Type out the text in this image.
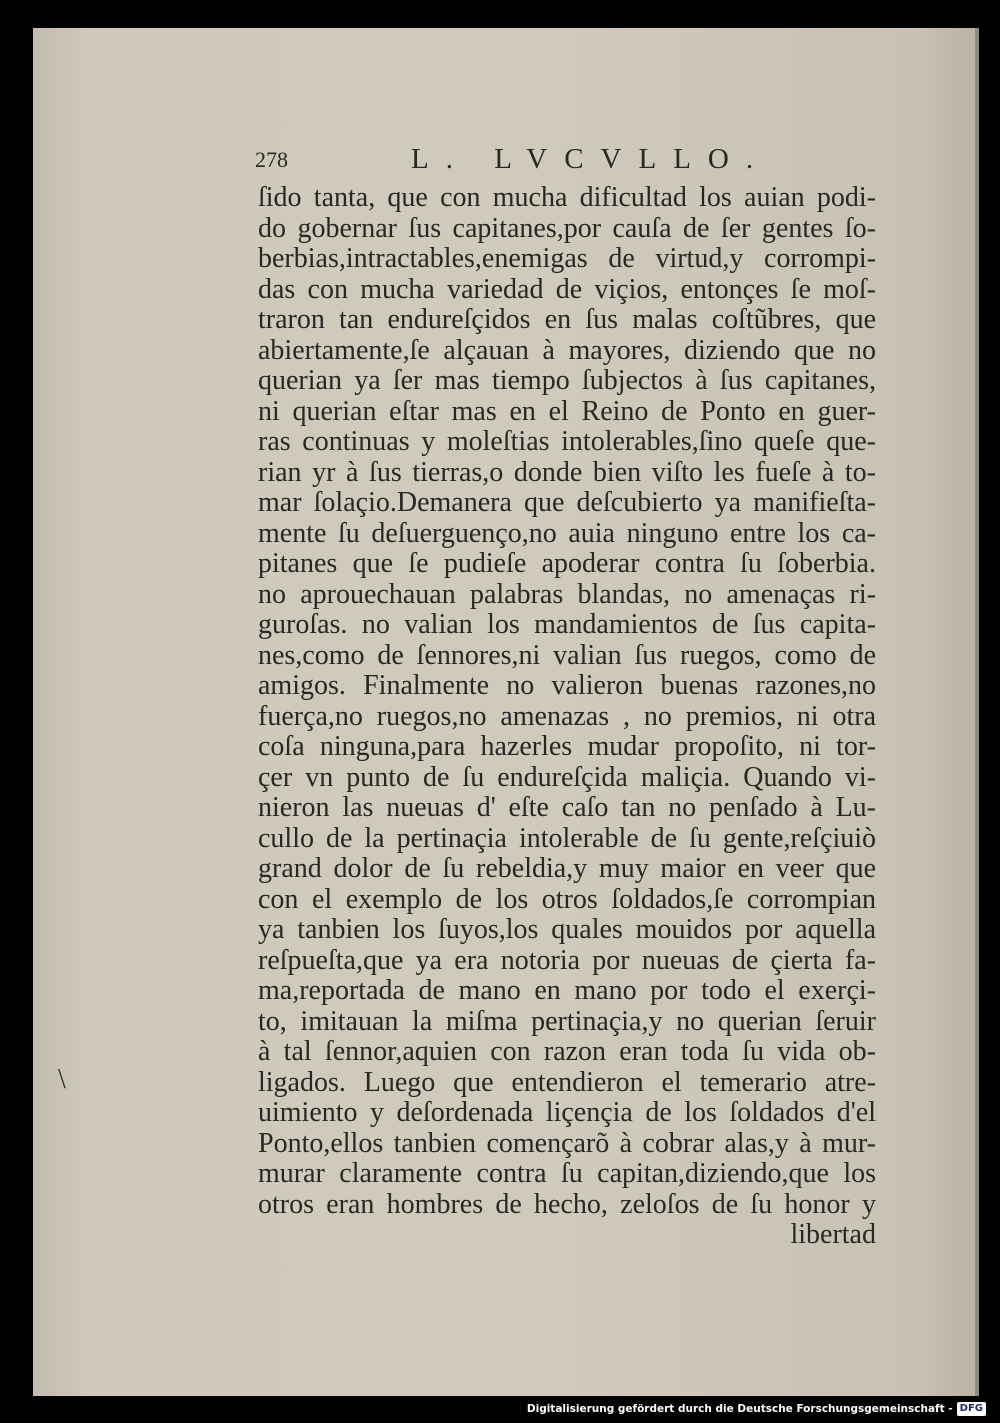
278	L. LVCVLLO.
ſido tanta, que con mucha dificultad los auian podi-
do gobernar ſus capitanes,por cauſa de ſer gentes ſo-
berbias,intractables,enemigas de virtud,y corrompi-
das con mucha variedad de viçios, entonçes ſe moſ-
traron tan endureſçidos en ſus malas coſtũbres, que
abiertamente,ſe alçauan à mayores, diziendo que no
querian ya ſer mas tiempo ſubjectos à ſus capitanes,
ni querian eſtar mas en el Reino de Ponto en guer-
ras continuas y moleſtias intolerables,ſino queſe que-
rian yr à ſus tierras,o donde bien viſto les fueſe à to-
mar ſolaçio.Demanera que deſcubierto ya manifieſta-
mente ſu deſuerguenço,no auia ninguno entre los ca-
pitanes que ſe pudieſe apoderar contra ſu ſoberbia.
no aprouechauan palabras blandas, no amenaças ri-
guroſas. no valian los mandamientos de ſus capita-
nes,como de ſennores,ni valian ſus ruegos, como de
amigos. Finalmente no valieron buenas razones,no
fuerça,no ruegos,no amenazas , no premios, ni otra
coſa ninguna,para hazerles mudar propoſito, ni tor-
çer vn punto de ſu endureſçida maliçia. Quando vi-
nieron las nueuas d' eſte caſo tan no penſado à Lu-
cullo de la pertinaçia intolerable de ſu gente,reſçiuiò
grand dolor de ſu rebeldia,y muy maior en veer que
con el exemplo de los otros ſoldados,ſe corrompian
ya tanbien los ſuyos,los quales mouidos por aquella
reſpueſta,que ya era notoria por nueuas de çierta fa-
ma,reportada de mano en mano por todo el exerçi-
to, imitauan la miſma pertinaçia,y no querian ſeruir
à tal ſennor,aquien con razon eran toda ſu vida ob-
ligados. Luego que entendieron el temerario atre-
uimiento y deſordenada liçençia de los ſoldados d'el
Ponto,ellos tanbien començarõ à cobrar alas,y à mur-
murar claramente contra ſu capitan,diziendo,que los
otros eran hombres de hecho, zeloſos de ſu honor y
libertad
\
Digitalisierung gefördert durch die Deutsche Forschungsgemeinschaft - DFG
